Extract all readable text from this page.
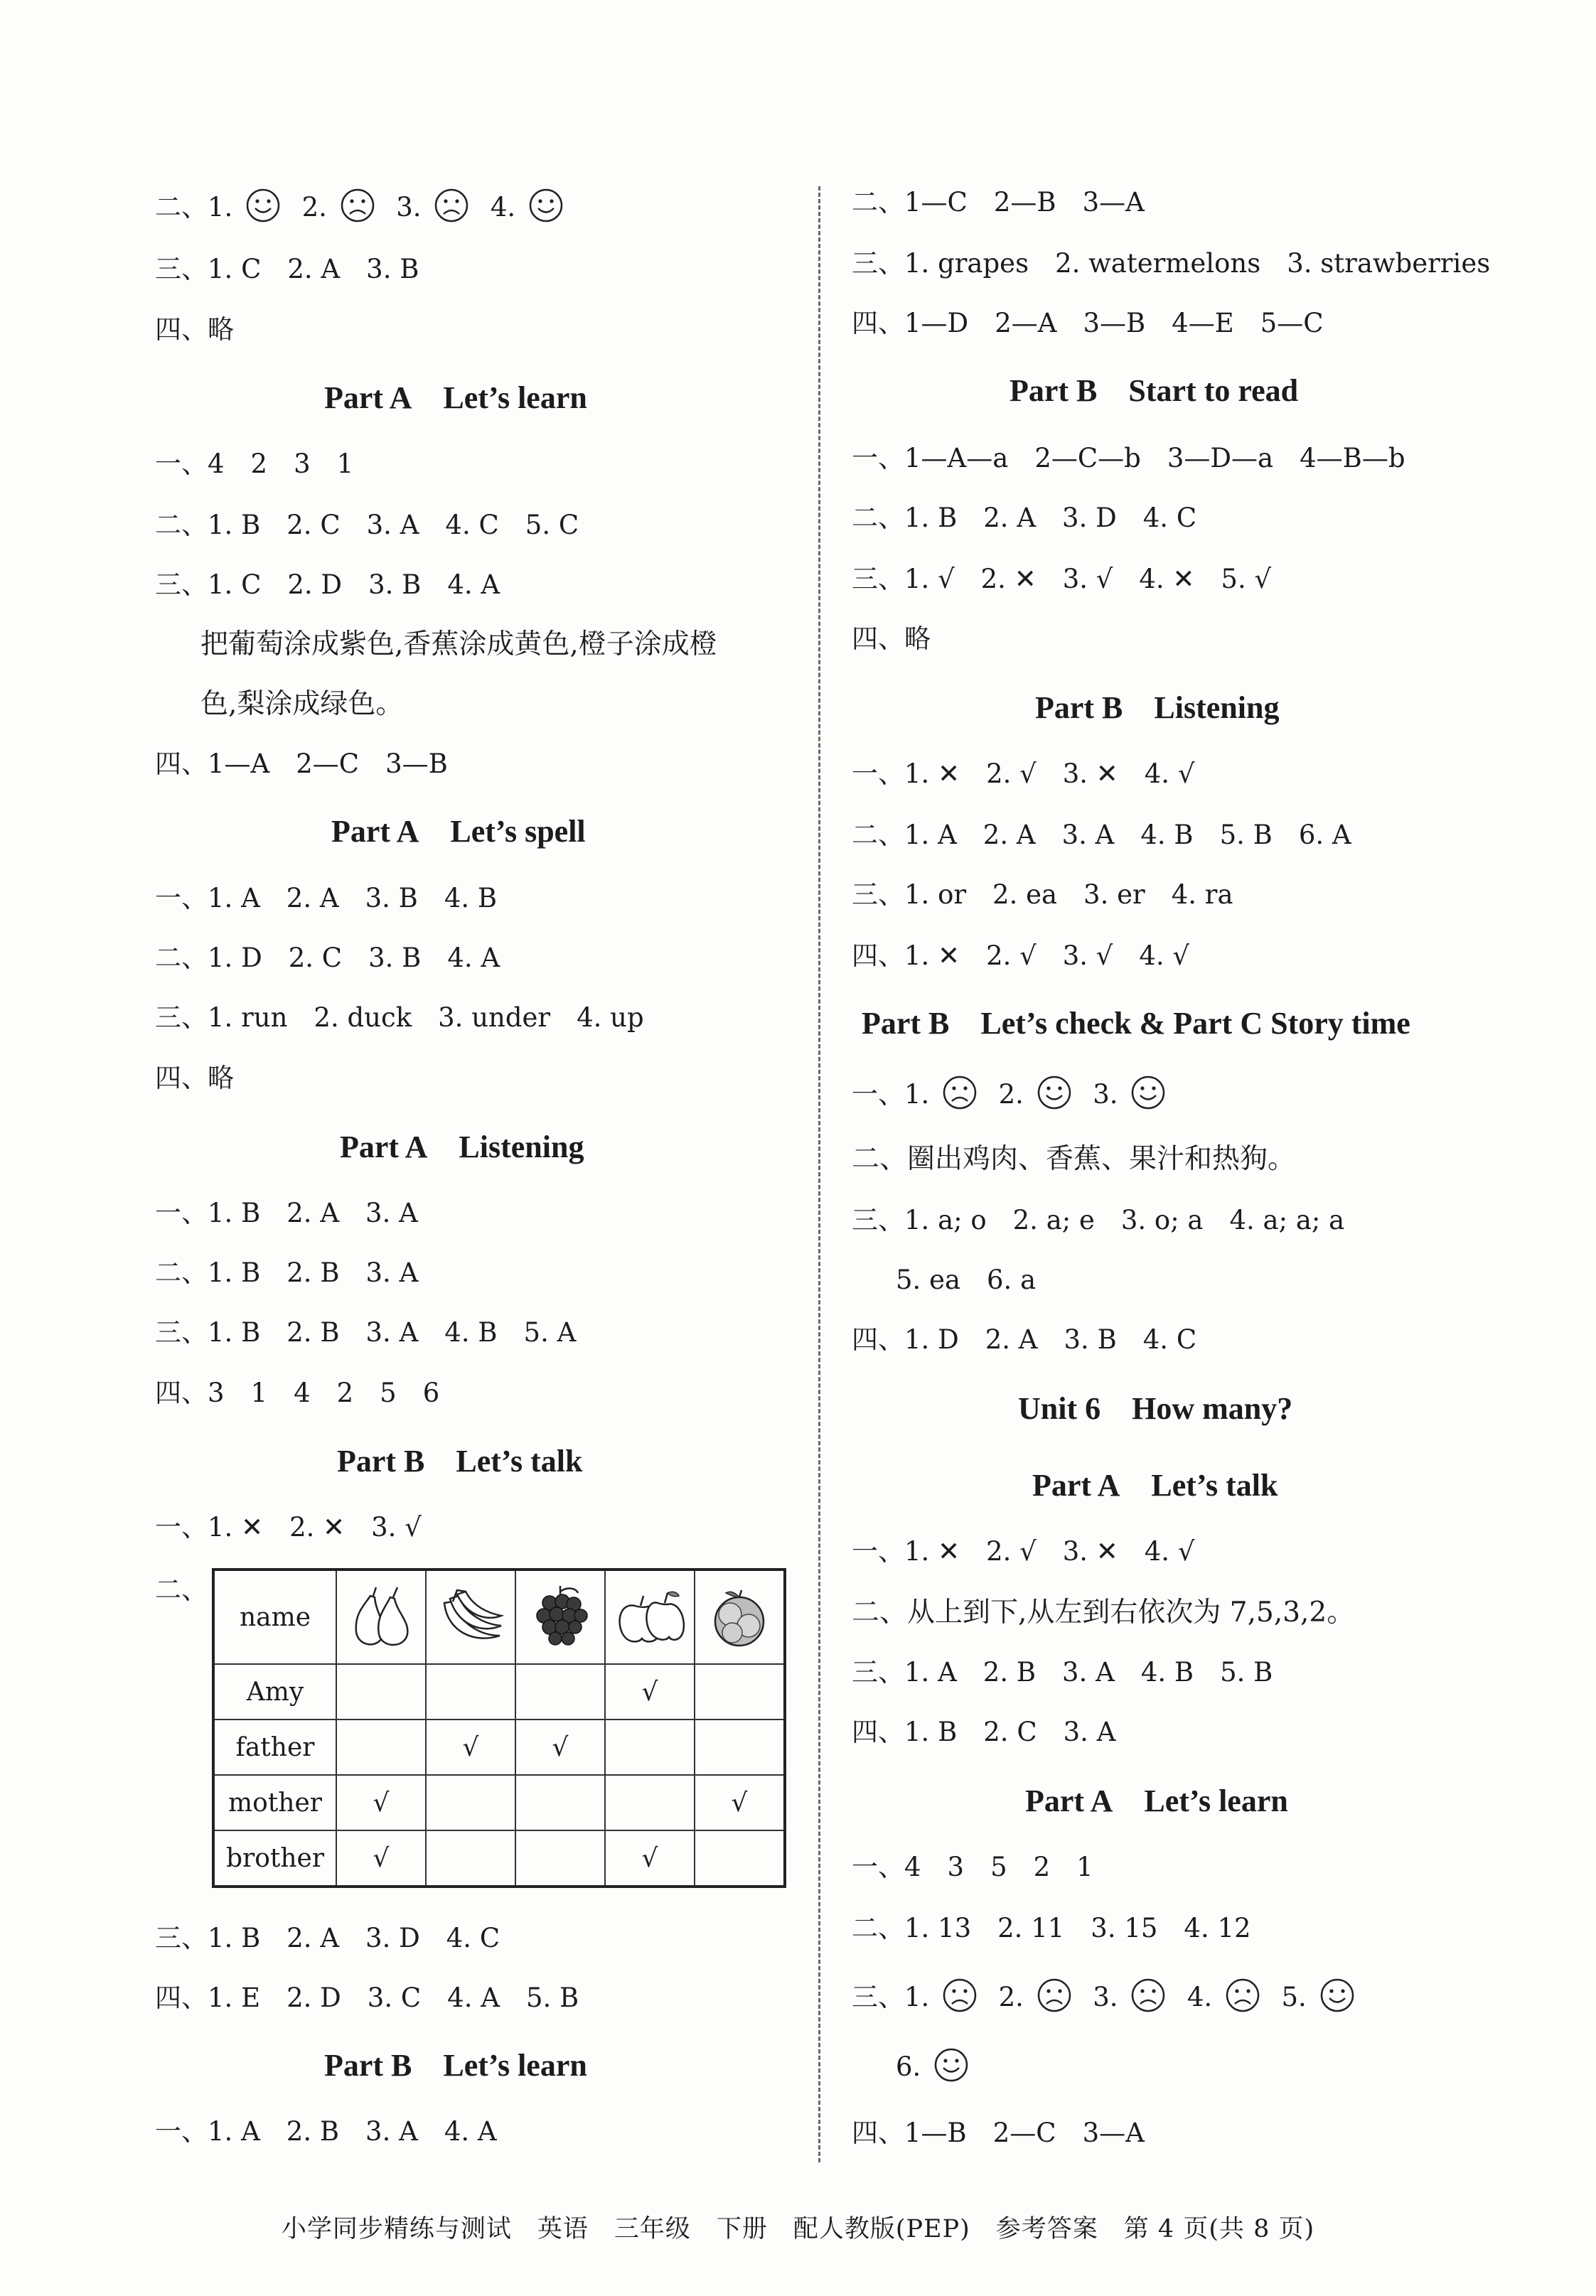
二、1.	2.	3.	4.
三、1. C　2. A　3. B
四、略
Part A Let’s learn
一、4　2　3　1
二、1. B　2. C　3. A　4. C　5. C
三、1. C　2. D　3. B　4. A
把葡萄涂成紫色,香蕉涂成黄色,橙子涂成橙
色,梨涂成绿色。
四、1—A　2—C　3—B
Part A Let’s spell
一、1. A　2. A　3. B　4. B
二、1. D　2. C　3. B　4. A
三、1. run　2. duck　3. under　4. up
四、略
Part A Listening
一、1. B　2. A　3. A
二、1. B　2. B　3. A
三、1. B　2. B　3. A　4. B　5. A
四、3　1　4　2　5　6
Part B Let’s talk
一、1. ✕　2. ✕　3. √
二、
name	

Amy				√	
father		√	√		
mother	√				√
brother	√			√	
三、1. B　2. A　3. D　4. C
四、1. E　2. D　3. C　4. A　5. B
Part B Let’s learn
一、1. A　2. B　3. A　4. A
二、1—C　2—B　3—A
三、1. grapes　2. watermelons　3. strawberries
四、1—D　2—A　3—B　4—E　5—C
Part B Start to read
一、1—A—a　2—C—b　3—D—a　4—B—b
二、1. B　2. A　3. D　4. C
三、1. √　2. ✕　3. √　4. ✕　5. √
四、略
Part B Listening
一、1. ✕　2. √　3. ✕　4. √
二、1. A　2. A　3. A　4. B　5. B　6. A
三、1. or　2. ea　3. er　4. ra
四、1. ✕　2. √　3. √　4. √
Part B　Let’s check & Part C Story time
一、1.	2.	3.
二、圈出鸡肉、香蕉、果汁和热狗。
三、1. a; o　2. a; e　3. o; a　4. a; a; a
5. ea　6. a
四、1. D　2. A　3. B　4. C
Unit 6 How many?
Part A Let’s talk
一、1. ✕　2. √　3. ✕　4. √
二、从上到下,从左到右依次为 7,5,3,2。
三、1. A　2. B　3. A　4. B　5. B
四、1. B　2. C　3. A
Part A Let’s learn
一、4　3　5　2　1
二、1. 13　2. 11　3. 15　4. 12
三、1.	2.	3.	4.	5.
6.
四、1—B　2—C　3—A
小学同步精练与测试　英语　三年级　下册　配人教版(PEP)　参考答案　第 4 页(共 8 页)
